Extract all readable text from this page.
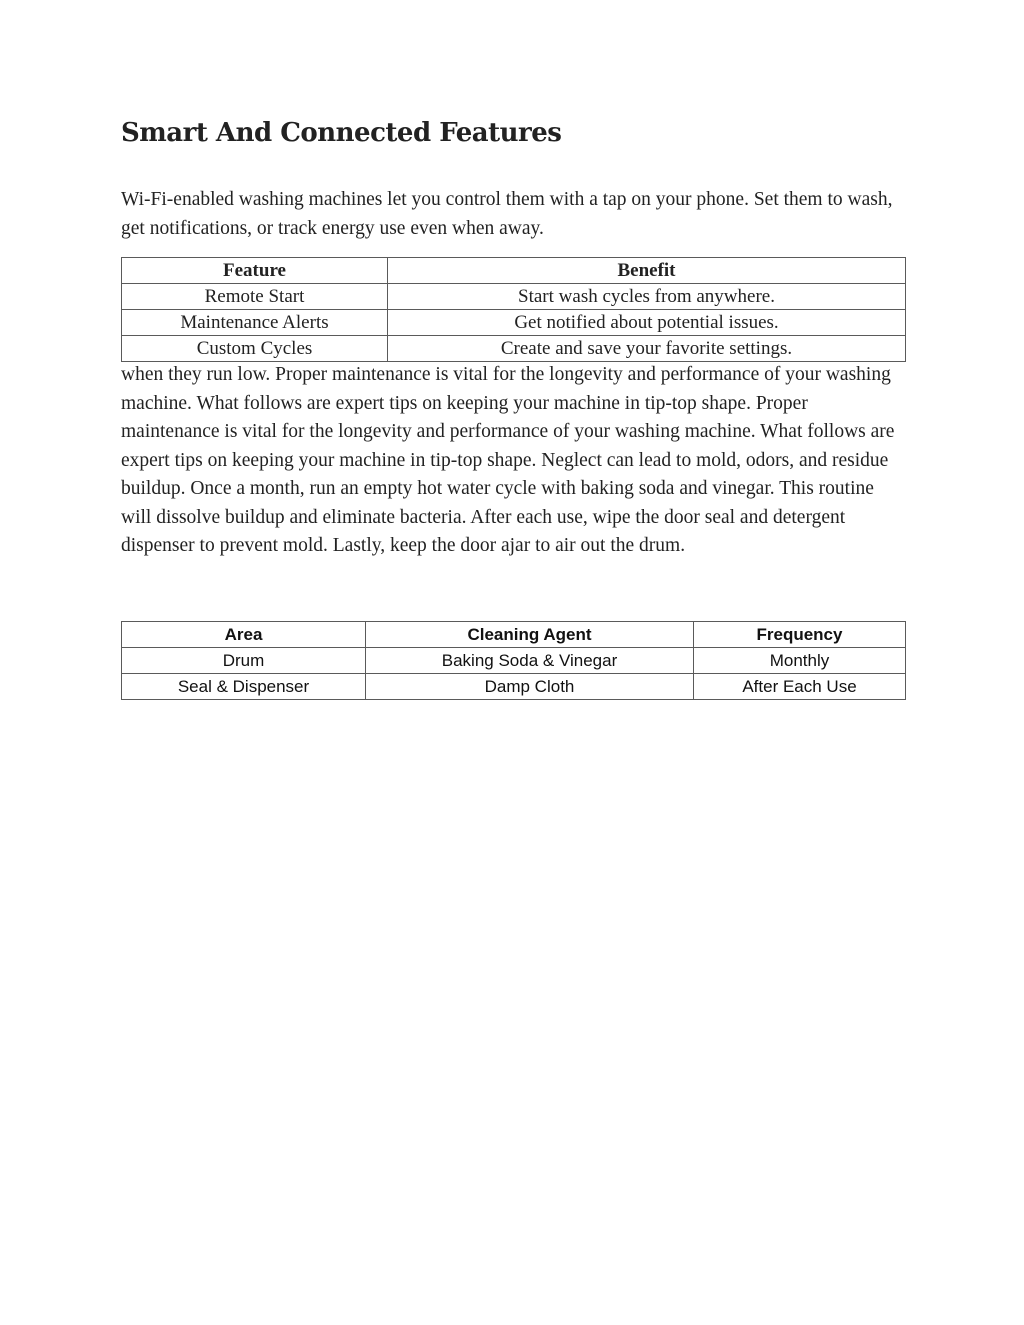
Smart And Connected Features

Wi-Fi-enabled washing machines let you control them with a tap on your phone. Set them to wash, get notifications, or track energy use even when away.

Feature	Benefit
Remote Start	Start wash cycles from anywhere.
Maintenance Alerts	Get notified about potential issues.
Custom Cycles	Create and save your favorite settings.

when they run low. Proper maintenance is vital for the longevity and performance of your washing machine. What follows are expert tips on keeping your machine in tip-top shape. Proper maintenance is vital for the longevity and performance of your washing machine. What follows are expert tips on keeping your machine in tip-top shape. Neglect can lead to mold, odors, and residue buildup. Once a month, run an empty hot water cycle with baking soda and vinegar. This routine will dissolve buildup and eliminate bacteria. After each use, wipe the door seal and detergent dispenser to prevent mold. Lastly, keep the door ajar to air out the drum.

Area	Cleaning Agent	Frequency
Drum	Baking Soda & Vinegar	Monthly
Seal & Dispenser	Damp Cloth	After Each Use
